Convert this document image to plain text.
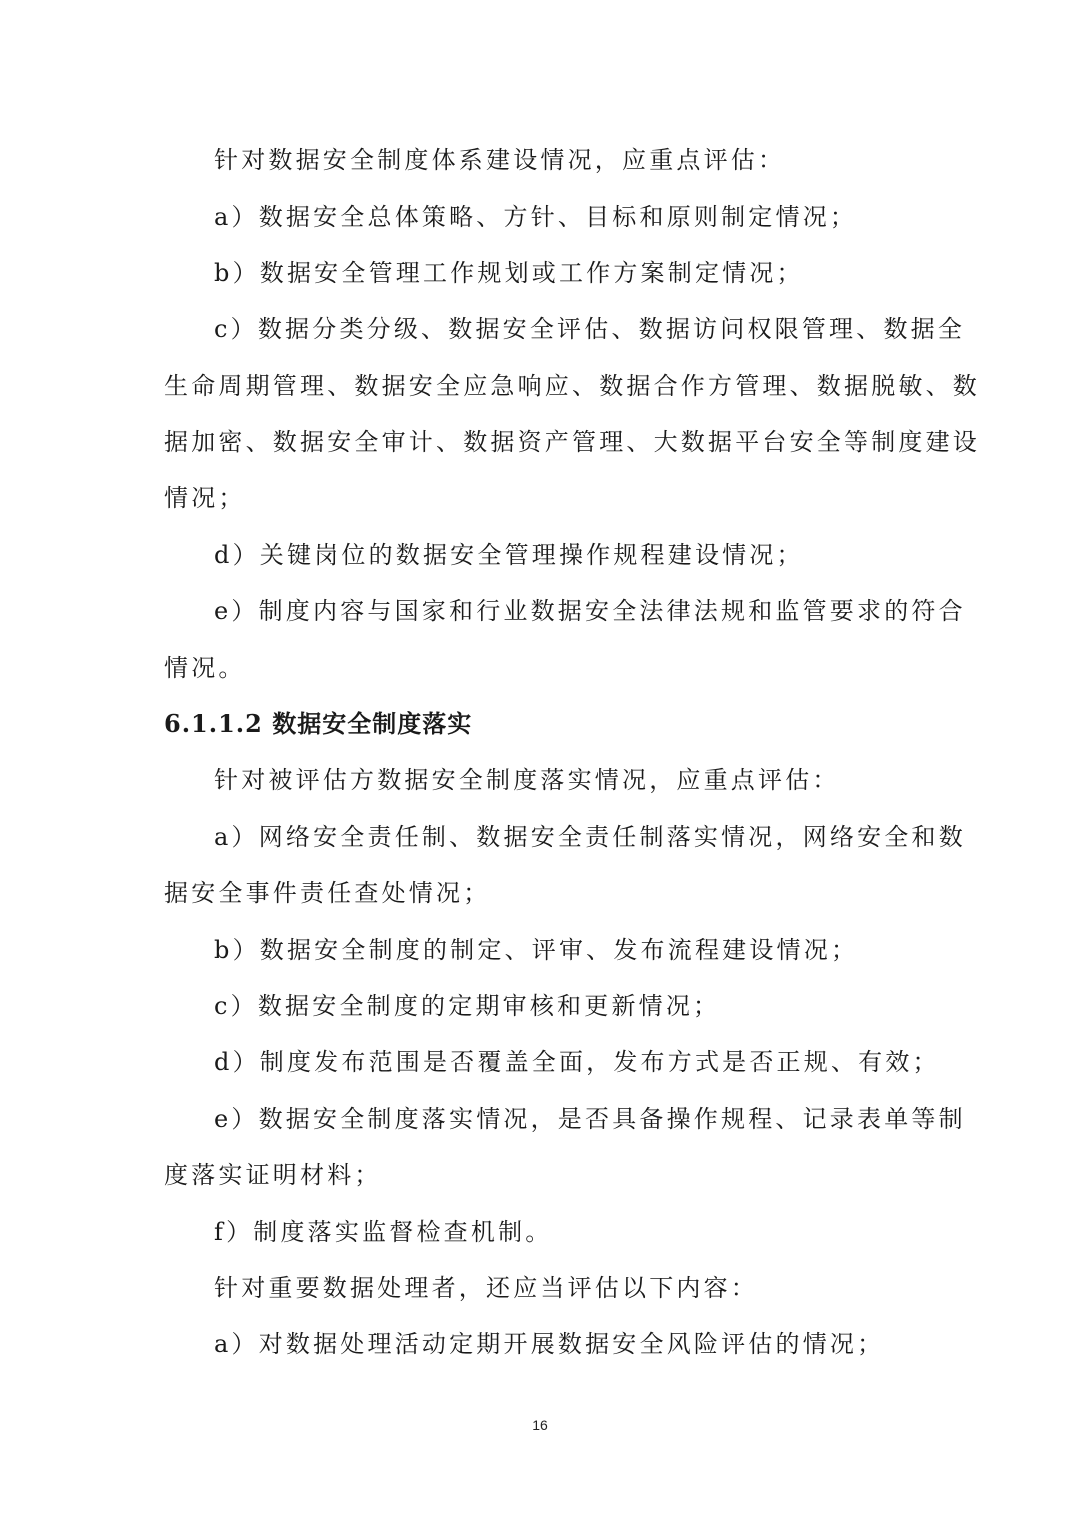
针对数据安全制度体系建设情况，应重点评估：
a）数据安全总体策略、方针、目标和原则制定情况；
b）数据安全管理工作规划或工作方案制定情况；
c）数据分类分级、数据安全评估、数据访问权限管理、数据全
生命周期管理、数据安全应急响应、数据合作方管理、数据脱敏、数
据加密、数据安全审计、数据资产管理、大数据平台安全等制度建设
情况；
d）关键岗位的数据安全管理操作规程建设情况；
e）制度内容与国家和行业数据安全法律法规和监管要求的符合
情况。
6.1.1.2 数据安全制度落实
针对被评估方数据安全制度落实情况，应重点评估：
a）网络安全责任制、数据安全责任制落实情况，网络安全和数
据安全事件责任查处情况；
b）数据安全制度的制定、评审、发布流程建设情况；
c）数据安全制度的定期审核和更新情况；
d）制度发布范围是否覆盖全面，发布方式是否正规、有效；
e）数据安全制度落实情况，是否具备操作规程、记录表单等制
度落实证明材料；
f）制度落实监督检查机制。
针对重要数据处理者，还应当评估以下内容：
a）对数据处理活动定期开展数据安全风险评估的情况；
16
